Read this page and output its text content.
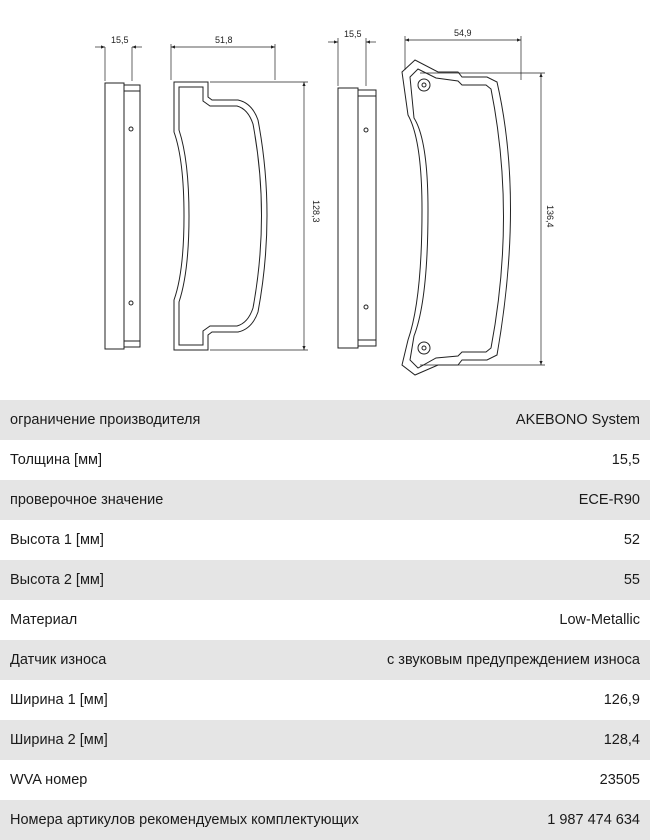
15,5	51,8
128,3
15,5	54,9
136,4
ограничение производителя	AKEBONO System
Толщина [мм]	15,5
проверочное значение	ECE-R90
Высота 1 [мм]	52
Высота 2 [мм]	55
Материал	Low-Metallic
Датчик износа	с звуковым предупреждением износа
Ширина 1 [мм]	126,9
Ширина 2 [мм]	128,4
WVA номер	23505
Номера артикулов рекомендуемых комплектующих	1 987 474 634
